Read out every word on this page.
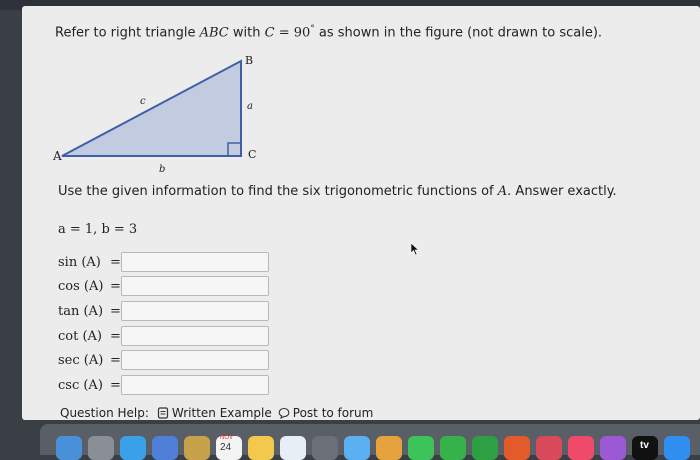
Refer to right triangle ABC with C = 90° as shown in the figure (not drawn to scale).
A
B
C
a
b
c
Use the given information to find the six trigonometric functions of A. Answer exactly.
a = 1, b = 3
sin (A) =
cos (A) =
tan (A) =
cot (A) =
sec (A) =
csc (A) =
Question Help: Written Example Post to forum
NOV
24	tv
